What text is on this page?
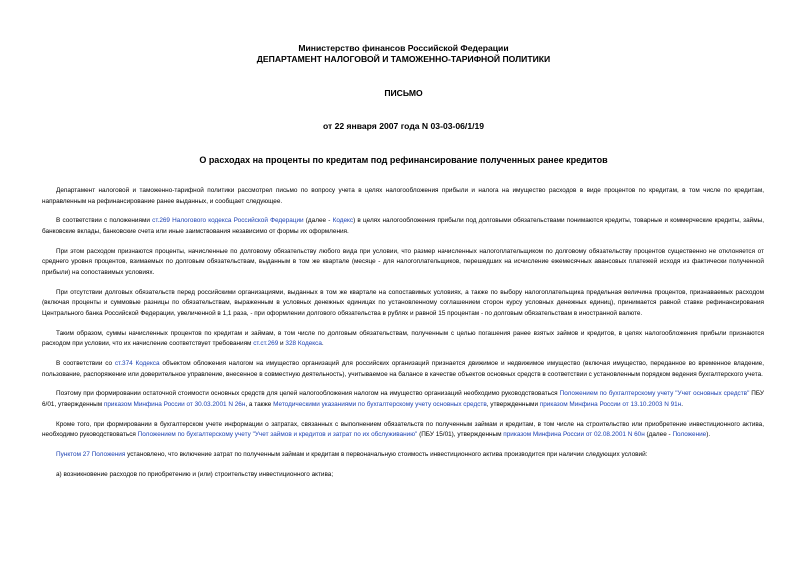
Министерство финансов Российской Федерации
ДЕПАРТАМЕНТ НАЛОГОВОЙ И ТАМОЖЕННО-ТАРИФНОЙ ПОЛИТИКИ
ПИСЬМО
от 22 января 2007 года N 03-03-06/1/19
О расходах на проценты по кредитам под рефинансирование полученных ранее кредитов

Департамент налоговой и таможенно-тарифной политики рассмотрел письмо по вопросу учета в целях налогообложения прибыли и налога на имущество расходов в виде процентов по кредитам, в том числе по кредитам, направленным на рефинансирование ранее выданных, и сообщает следующее.

В соответствии с положениями ст.269 Налогового кодекса Российской Федерации (далее - Кодекс) в целях налогообложения прибыли под долговыми обязательствами понимаются кредиты, товарные и коммерческие кредиты, займы, банковские вклады, банковские счета или иные заимствования независимо от формы их оформления.

При этом расходом признаются проценты, начисленные по долговому обязательству любого вида при условии, что размер начисленных налогоплательщиком по долговому обязательству процентов существенно не отклоняется от среднего уровня процентов, взимаемых по долговым обязательствам, выданным в том же квартале (месяце - для налогоплательщиков, перешедших на исчисление ежемесячных авансовых платежей исходя из фактически полученной прибыли) на сопоставимых условиях.

При отсутствии долговых обязательств перед российскими организациями, выданных в том же квартале на сопоставимых условиях, а также по выбору налогоплательщика предельная величина процентов, признаваемых расходом (включая проценты и суммовые разницы по обязательствам, выраженным в условных денежных единицах по установленному соглашением сторон курсу условных денежных единиц), принимается равной ставке рефинансирования Центрального банка Российской Федерации, увеличенной в 1,1 раза, - при оформлении долгового обязательства в рублях и равной 15 процентам - по долговым обязательствам в иностранной валюте.

Таким образом, суммы начисленных процентов по кредитам и займам, в том числе по долговым обязательствам, полученным с целью погашения ранее взятых займов и кредитов, в целях налогообложения прибыли признаются расходом при условии, что их начисление соответствует требованиям ст.ст.269 и 328 Кодекса.

В соответствии со ст.374 Кодекса объектом обложения налогом на имущество организаций для российских организаций признается движимое и недвижимое имущество (включая имущество, переданное во временное владение, пользование, распоряжение или доверительное управление, внесенное в совместную деятельность), учитываемое на балансе в качестве объектов основных средств в соответствии с установленным порядком ведения бухгалтерского учета.

Поэтому при формировании остаточной стоимости основных средств для целей налогообложения налогом на имущество организаций необходимо руководствоваться Положением по бухгалтерскому учету "Учет основных средств" ПБУ 6/01, утвержденным приказом Минфина России от 30.03.2001 N 26н, а также Методическими указаниями по бухгалтерскому учету основных средств, утвержденными приказом Минфина России от 13.10.2003 N 91н.

Кроме того, при формировании в бухгалтерском учете информации о затратах, связанных с выполнением обязательств по полученным займам и кредитам, в том числе на строительство или приобретение инвестиционного актива, необходимо руководствоваться Положением по бухгалтерскому учету "Учет займов и кредитов и затрат по их обслуживанию" (ПБУ 15/01), утвержденным приказом Минфина России от 02.08.2001 N 60н (далее - Положение).

Пунктом 27 Положения установлено, что включение затрат по полученным займам и кредитам в первоначальную стоимость инвестиционного актива производится при наличии следующих условий:

а) возникновение расходов по приобретению и (или) строительству инвестиционного актива;
